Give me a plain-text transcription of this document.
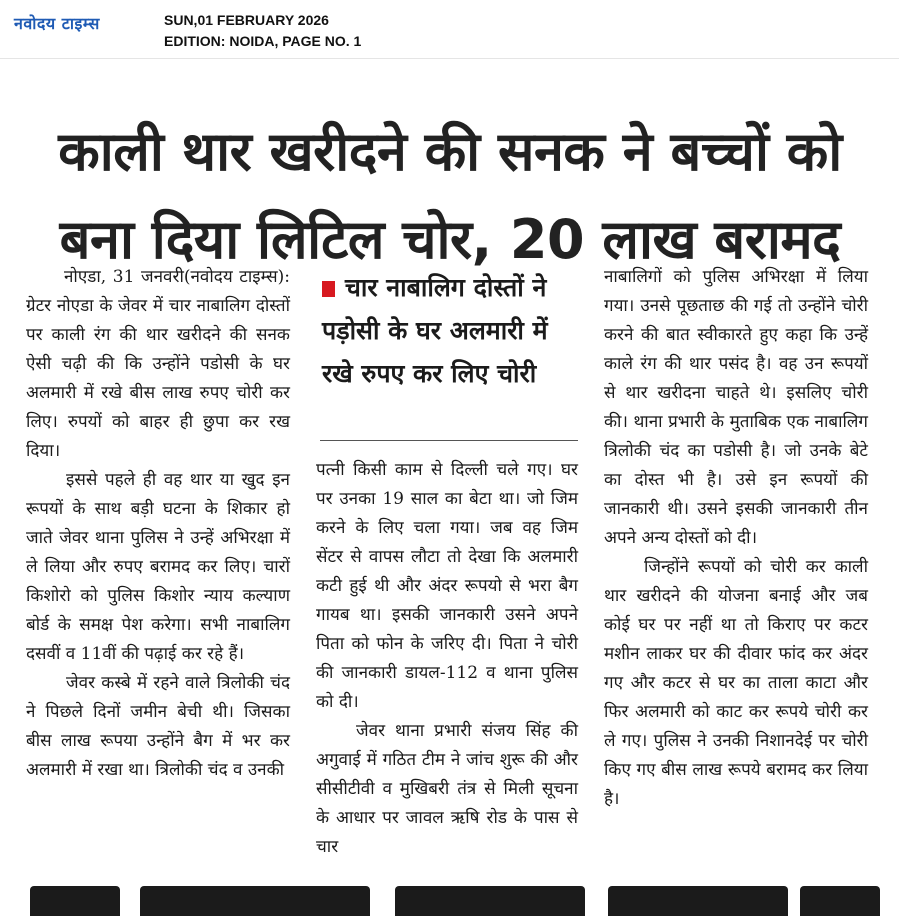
नवोदय टाइम्स	SUN,01 FEBRUARY 2026
EDITION: NOIDA, PAGE NO. 1
काली थार खरीदने की सनक ने बच्चों को
बना दिया लिटिल चोर, 20 लाख बरामद

नोएडा, 31 जनवरी(नवोदय टाइम्स): ग्रेटर नोएडा के जेवर में चार नाबालिग दोस्तों पर काली रंग की थार खरीदने की सनक ऐसी चढ़ी की कि उन्होंने पडोसी के घर अलमारी में रखे बीस लाख रुपए चोरी कर लिए। रुपयों को बाहर ही छुपा कर रख दिया।

इससे पहले ही वह थार या खुद इन रूपयों के साथ बड़ी घटना के शिकार हो जाते जेवर थाना पुलिस ने उन्हें अभिरक्षा में ले लिया और रुपए बरामद कर लिए। चारों किशोरो को पुलिस किशोर न्याय कल्याण बोर्ड के समक्ष पेश करेगा। सभी नाबालिग दसवीं व 11वीं की पढ़ाई कर रहे हैं।

जेवर कस्बे में रहने वाले त्रिलोकी चंद ने पिछले दिनों जमीन बेची थी। जिसका बीस लाख रूपया उन्होंने बैग में भर कर अलमारी में रखा था। त्रिलोकी चंद व उनकी

चार नाबालिग दोस्तों ने पड़ोसी के घर अलमारी में रखे रुपए कर लिए चोरी

पत्नी किसी काम से दिल्ली चले गए। घर पर उनका 19 साल का बेटा था। जो जिम करने के लिए चला गया। जब वह जिम सेंटर से वापस लौटा तो देखा कि अलमारी कटी हुई थी और अंदर रूपयो से भरा बैग गायब था। इसकी जानकारी उसने अपने पिता को फोन के जरिए दी। पिता ने चोरी की जानकारी डायल-112 व थाना पुलिस को दी।

जेवर थाना प्रभारी संजय सिंह की अगुवाई में गठित टीम ने जांच शुरू की और सीसीटीवी व मुखिबरी तंत्र से मिली सूचना के आधार पर जावल ऋषि रोड के पास से चार

नाबालिगों को पुलिस अभिरक्षा में लिया गया। उनसे पूछताछ की गई तो उन्होंने चोरी करने की बात स्वीकारते हुए कहा कि उन्हें काले रंग की थार पसंद है। वह उन रूपयों से थार खरीदना चाहते थे। इसलिए चोरी की। थाना प्रभारी के मुताबिक एक नाबालिग त्रिलोकी चंद का पडोसी है। जो उनके बेटे का दोस्त भी है। उसे इन रूपयों की जानकारी थी। उसने इसकी जानकारी तीन अपने अन्य दोस्तों को दी।

जिन्होंने रूपयों को चोरी कर काली थार खरीदने की योजना बनाई और जब कोई घर पर नहीं था तो किराए पर कटर मशीन लाकर घर की दीवार फांद कर अंदर गए और कटर से घर का ताला काटा और फिर अलमारी को काट कर रूपये चोरी कर ले गए। पुलिस ने उनकी निशानदेई पर चोरी किए गए बीस लाख रूपये बरामद कर लिया है।
